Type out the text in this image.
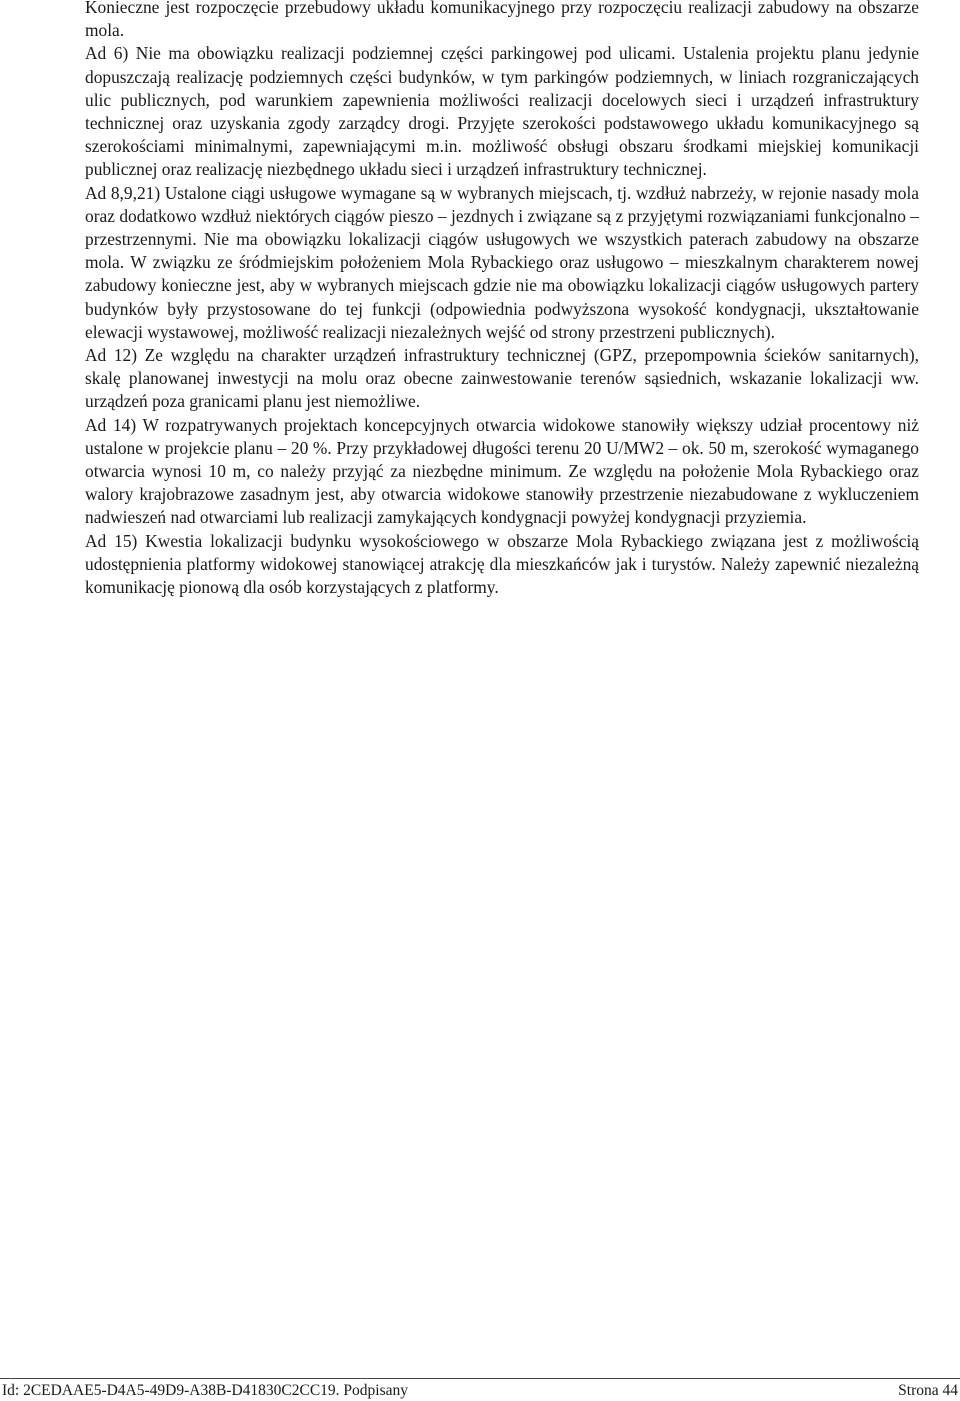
Konieczne jest rozpoczęcie przebudowy układu komunikacyjnego przy rozpoczęciu realizacji zabudowy na obszarze mola.

Ad 6) Nie ma obowiązku realizacji podziemnej części parkingowej pod ulicami. Ustalenia projektu planu jedynie dopuszczają realizację podziemnych części budynków, w tym parkingów podziemnych, w liniach rozgraniczających ulic publicznych, pod warunkiem zapewnienia możliwości realizacji docelowych sieci i urządzeń infrastruktury technicznej oraz uzyskania zgody zarządcy drogi. Przyjęte szerokości podstawowego układu komunikacyjnego są szerokościami minimalnymi, zapewniającymi m.in. możliwość obsługi obszaru środkami miejskiej komunikacji publicznej oraz realizację niezbędnego układu sieci i urządzeń infrastruktury technicznej.

Ad 8,9,21) Ustalone ciągi usługowe wymagane są w wybranych miejscach, tj. wzdłuż nabrzeży, w rejonie nasady mola oraz dodatkowo wzdłuż niektórych ciągów pieszo – jezdnych i związane są z przyjętymi rozwiązaniami funkcjonalno – przestrzennymi. Nie ma obowiązku lokalizacji ciągów usługowych we wszystkich paterach zabudowy na obszarze mola. W związku ze śródmiejskim położeniem Mola Rybackiego oraz usługowo – mieszkalnym charakterem nowej zabudowy konieczne jest, aby w wybranych miejscach gdzie nie ma obowiązku lokalizacji ciągów usługowych partery budynków były przystosowane do tej funkcji (odpowiednia podwyższona wysokość kondygnacji, ukształtowanie elewacji wystawowej, możliwość realizacji niezależnych wejść od strony przestrzeni publicznych).

Ad 12) Ze względu na charakter urządzeń infrastruktury technicznej (GPZ, przepompownia ścieków sanitarnych), skalę planowanej inwestycji na molu oraz obecne zainwestowanie terenów sąsiednich, wskazanie lokalizacji ww. urządzeń poza granicami planu jest niemożliwe.

Ad 14) W rozpatrywanych projektach koncepcyjnych otwarcia widokowe stanowiły większy udział procentowy niż ustalone w projekcie planu – 20 %. Przy przykładowej długości terenu 20 U/MW2 – ok. 50 m, szerokość wymaganego otwarcia wynosi 10 m, co należy przyjąć za niezbędne minimum. Ze względu na położenie Mola Rybackiego oraz walory krajobrazowe zasadnym jest, aby otwarcia widokowe stanowiły przestrzenie niezabudowane z wykluczeniem nadwieszeń nad otwarciami lub realizacji zamykających kondygnacji powyżej kondygnacji przyziemia.

Ad 15) Kwestia lokalizacji budynku wysokościowego w obszarze Mola Rybackiego związana jest z możliwością udostępnienia platformy widokowej stanowiącej atrakcję dla mieszkańców jak i turystów. Należy zapewnić niezależną komunikację pionową dla osób korzystających z platformy.

Id: 2CEDAAE5-D4A5-49D9-A38B-D41830C2CC19. Podpisany	Strona 44
